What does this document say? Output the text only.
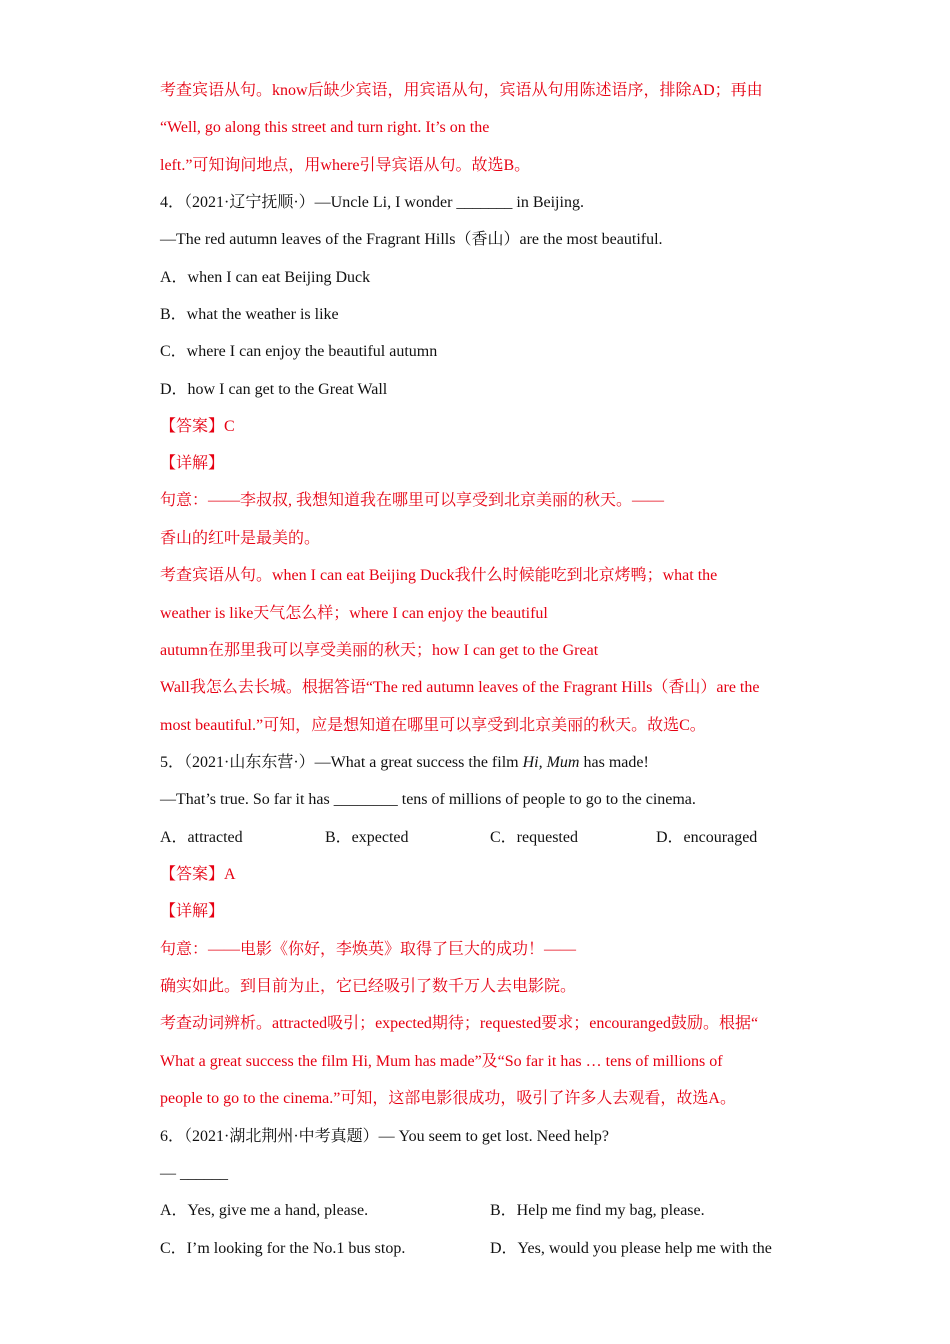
考查宾语从句。know后缺少宾语，用宾语从句，宾语从句用陈述语序，排除AD；再由
“Well, go along this street and turn right. It’s on the
left.”可知询问地点，用where引导宾语从句。故选B。
4．（2021·辽宁抚顺·）—Uncle Li, I wonder _______ in Beijing.
—The red autumn leaves of the Fragrant Hills（香山）are the most beautiful.
A．when I can eat Beijing Duck
B．what the weather is like
C．where I can enjoy the beautiful autumn
D．how I can get to the Great Wall
【答案】C
【详解】
句意：——李叔叔, 我想知道我在哪里可以享受到北京美丽的秋天。——
香山的红叶是最美的。
考查宾语从句。when I can eat Beijing Duck我什么时候能吃到北京烤鸭；what the
weather is like天气怎么样；where I can enjoy the beautiful
autumn在那里我可以享受美丽的秋天；how I can get to the Great
Wall我怎么去长城。根据答语“The red autumn leaves of the Fragrant Hills（香山）are the
most beautiful.”可知，应是想知道在哪里可以享受到北京美丽的秋天。故选C。
5．（2021·山东东营·）—What a great success the film Hi, Mum has made!
—That’s true. So far it has ________ tens of millions of people to go to the cinema.
A．attracted	B．expected	C．requested	D．encouraged
【答案】A
【详解】
句意：——电影《你好，李焕英》取得了巨大的成功！——
确实如此。到目前为止，它已经吸引了数千万人去电影院。
考查动词辨析。attracted吸引；expected期待；requested要求；encouranged鼓励。根据“
What a great success the film Hi, Mum has made”及“So far it has … tens of millions of
people to go to the cinema.”可知，这部电影很成功，吸引了许多人去观看，故选A。
6．（2021·湖北荆州·中考真题）— You seem to get lost. Need help?
— ______
A．Yes, give me a hand, please.	B．Help me find my bag, please.
C．I’m looking for the No.1 bus stop.	D．Yes, would you please help me with the
